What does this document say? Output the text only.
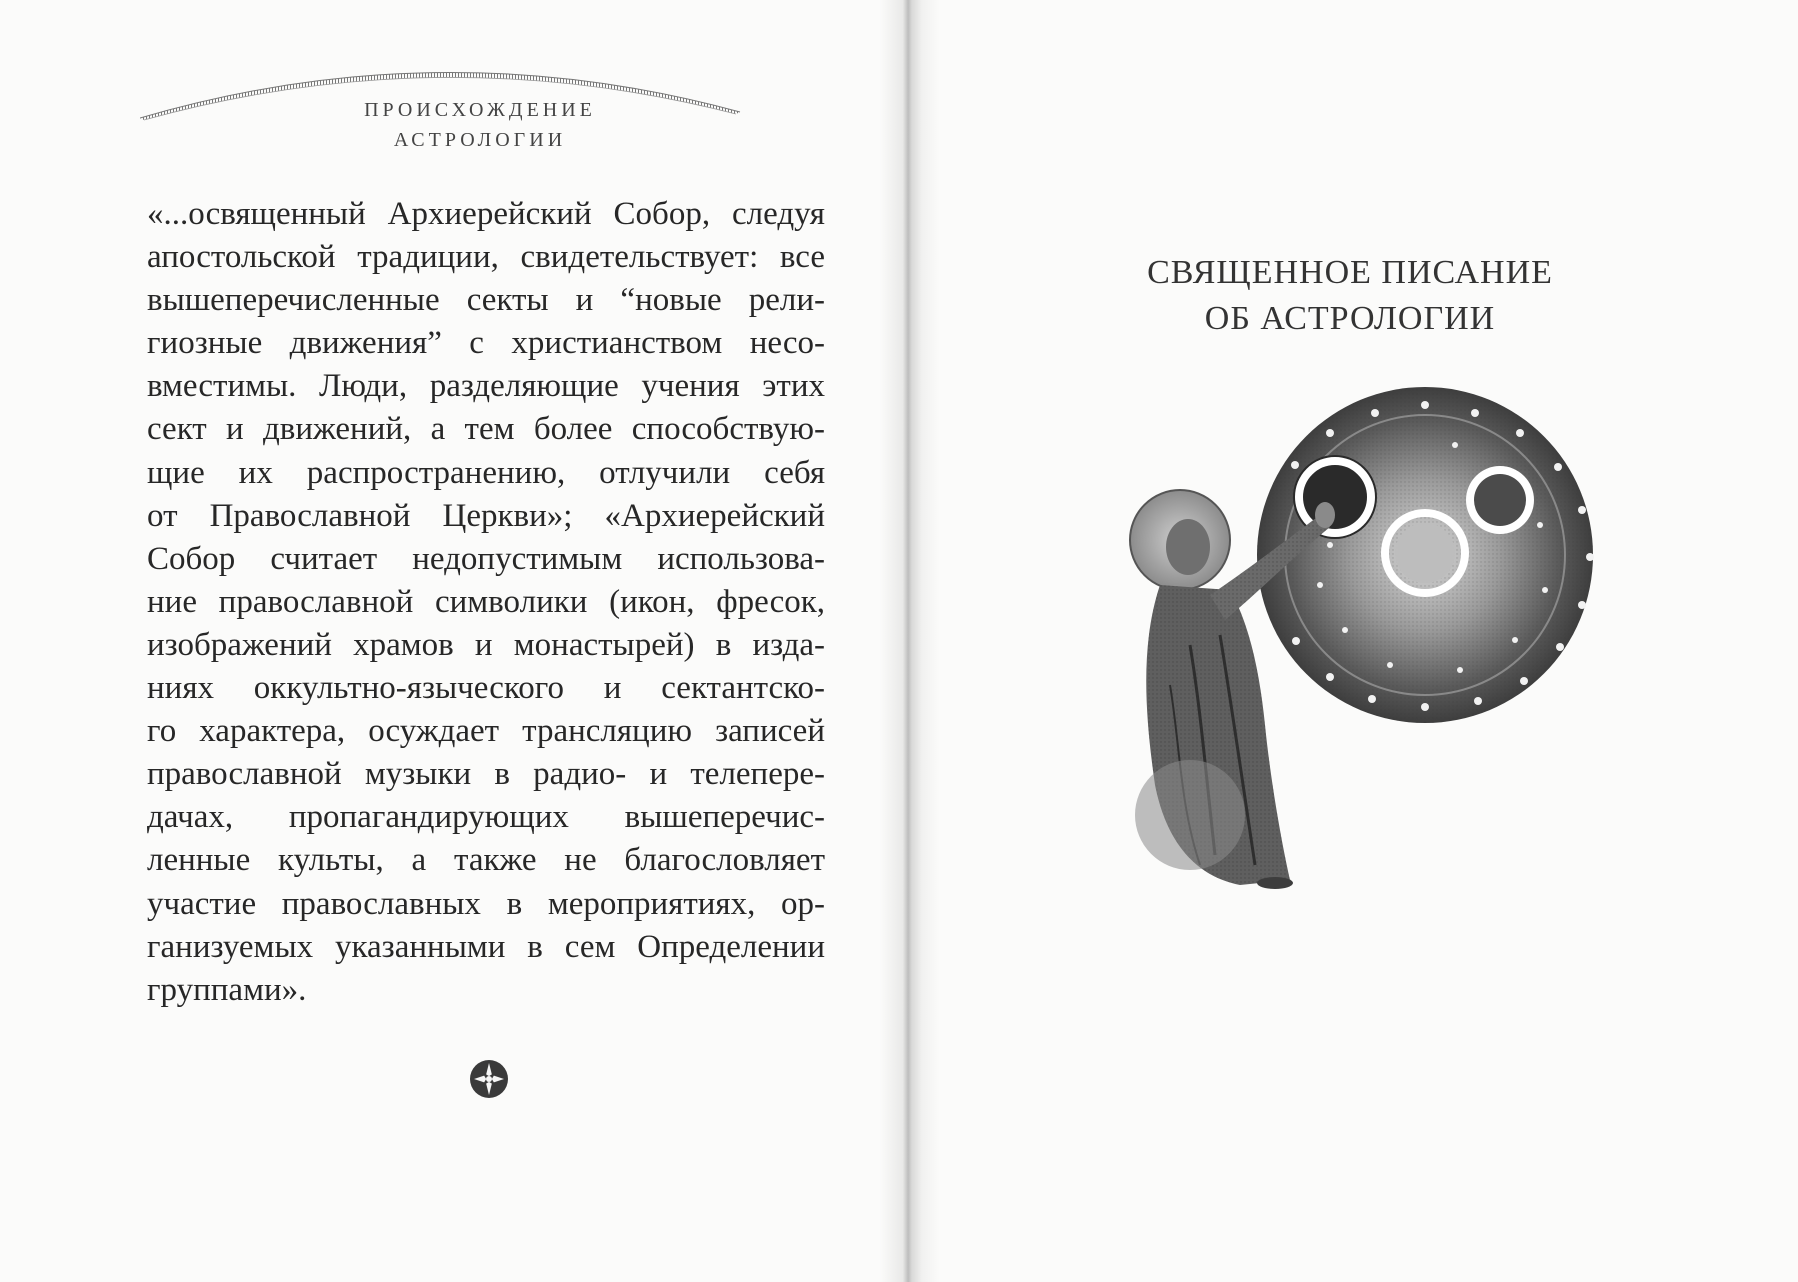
ПРОИСХОЖДЕНИЕ
АСТРОЛОГИИ
«...освященный Архиерейский Собор, следуя
апостольской традиции, свидетельствует: все
вышеперечисленные секты и “новые рели-
гиозные движения” с христианством несо-
вместимы. Люди, разделяющие учения этих
сект и движений, а тем более способствую-
щие их распространению, отлучили себя
от Православной Церкви»; «Архиерейский
Собор считает недопустимым использова-
ние православной символики (икон, фресок,
изображений храмов и монастырей) в изда-
ниях оккультно-языческого и сектантско-
го характера, осуждает трансляцию записей
православной музыки в радио- и телепере-
дачах, пропагандирующих вышеперечис-
ленные культы, а также не благословляет
участие православных в мероприятиях, ор-
ганизуемых указанными в сем Определении
группами».
СВЯЩЕННОЕ ПИСАНИЕ
ОБ АСТРОЛОГИИ
